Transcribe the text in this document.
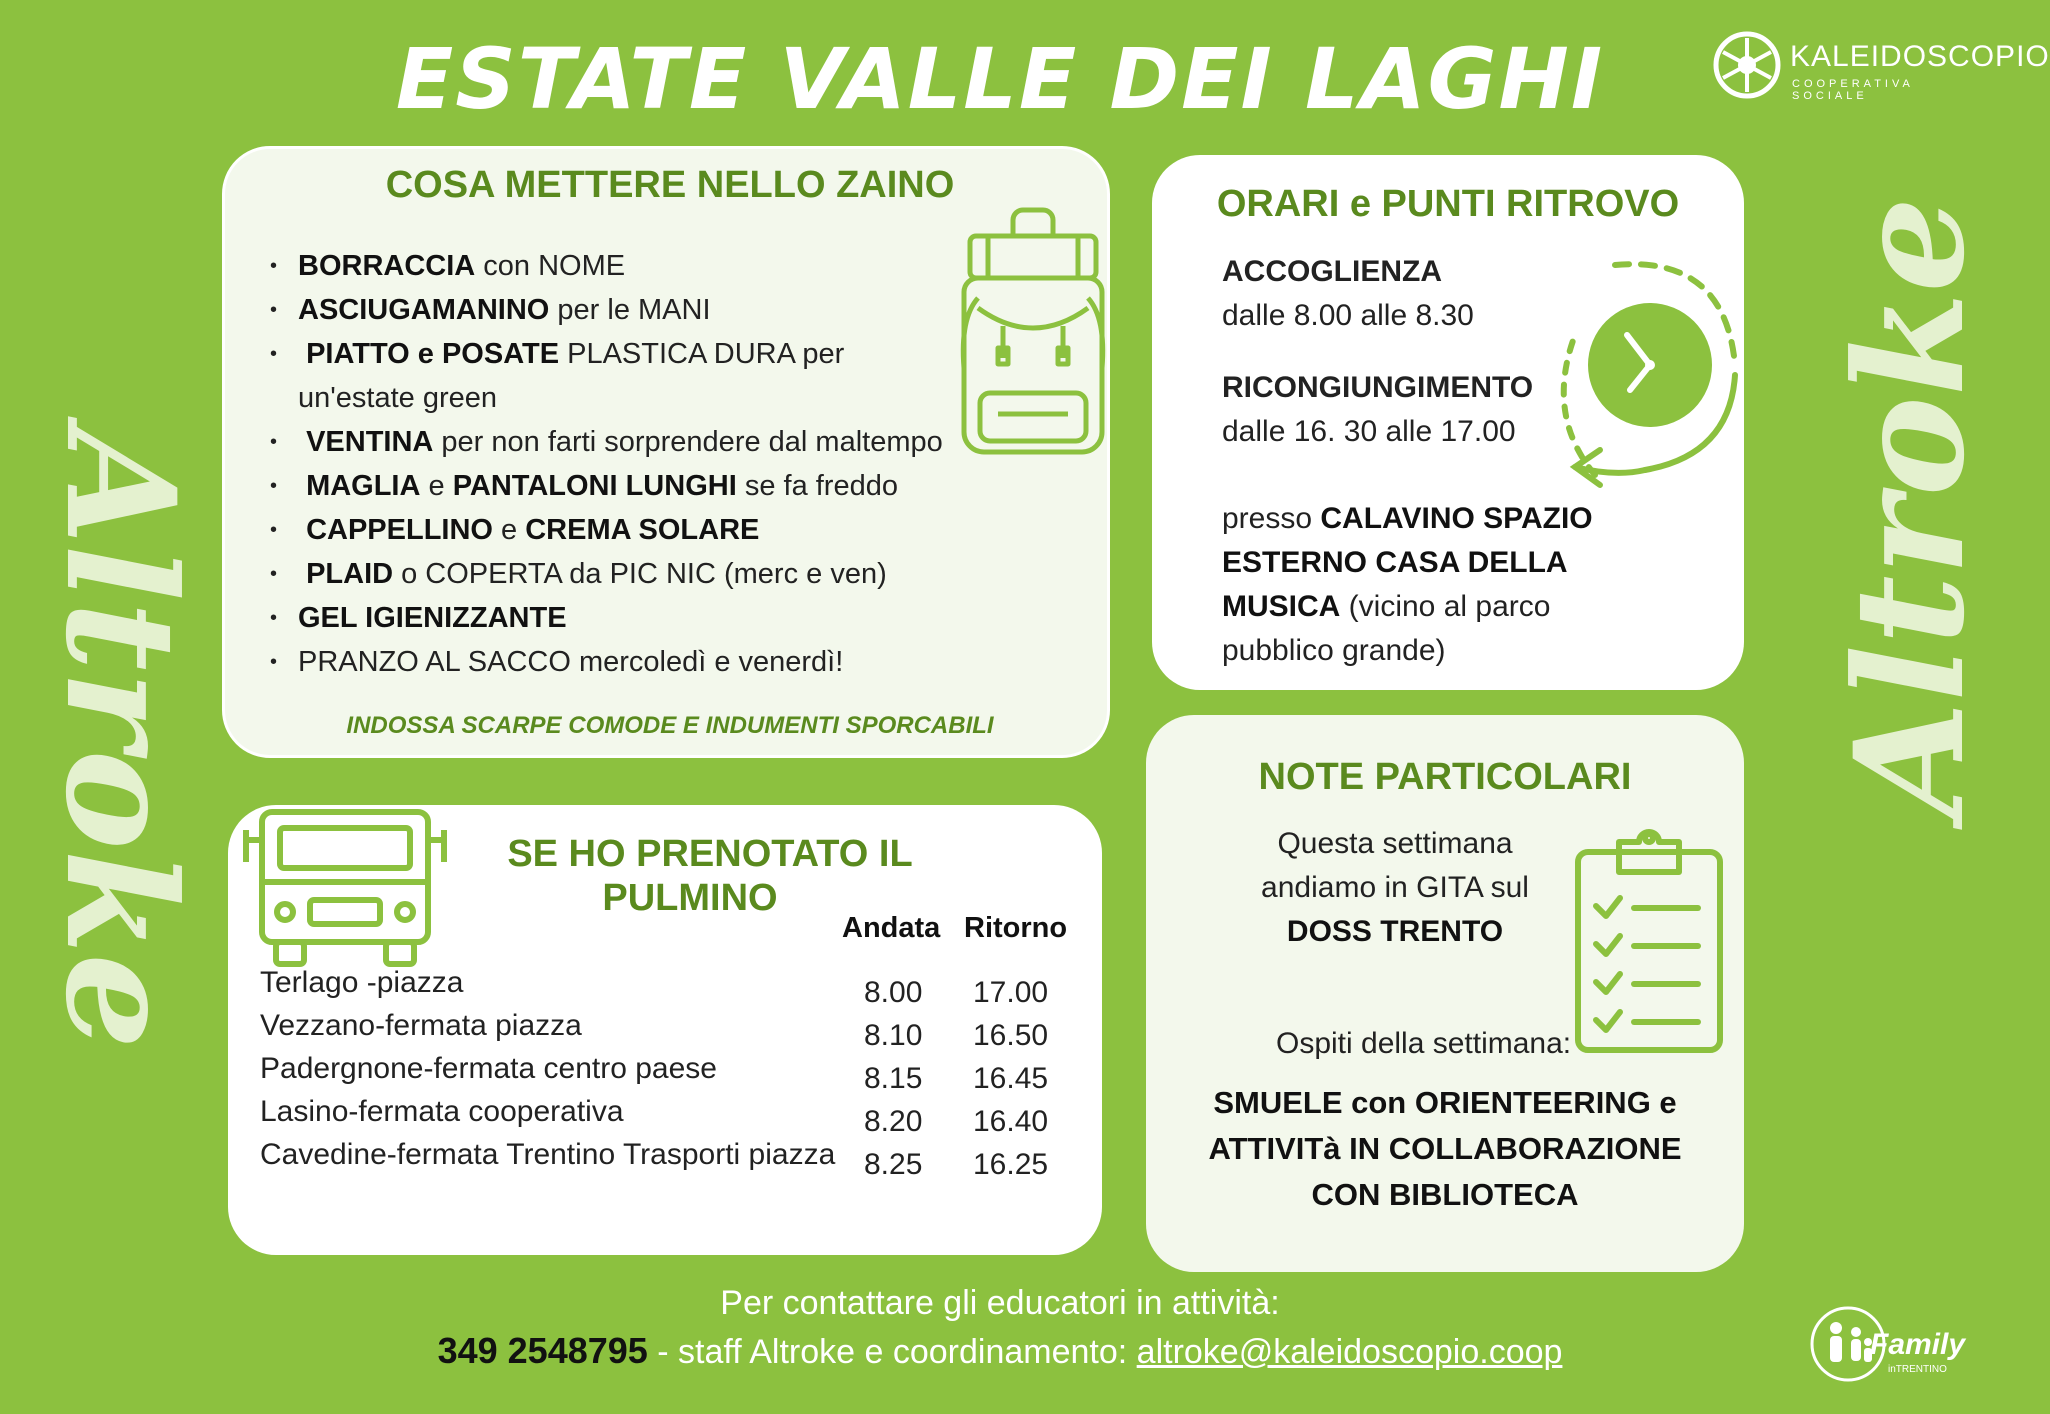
ESTATE VALLE DEI LAGHI	KALEIDOSCOPIO
COOPERATIVA SOCIALE
Altroke	Altroke
COSA METTERE NELLO ZAINO
• BORRACCIA con NOME
• ASCIUGAMANINO per le MANI
• PIATTO e POSATE PLASTICA DURA per un'estate green
• VENTINA per non farti sorprendere dal maltempo
• MAGLIA e PANTALONI LUNGHI se fa freddo
• CAPPELLINO e CREMA SOLARE
• PLAID o COPERTA da PIC NIC (merc e ven)
• GEL IGIENIZZANTE
• PRANZO AL SACCO mercoledì e venerdì!
INDOSSA SCARPE COMODE E INDUMENTI SPORCABILI
ORARI e PUNTI RITROVO
ACCOGLIENZA
dalle 8.00 alle 8.30
RICONGIUNGIMENTO
dalle 16. 30 alle 17.00
presso CALAVINO SPAZIO
ESTERNO CASA DELLA
MUSICA (vicino al parco
pubblico grande)
SE HO PRENOTATO IL
PULMINO
Andata Ritorno
Terlago -piazza	8.00 17.00
Vezzano-fermata piazza	8.10 16.50
Padergnone-fermata centro paese	8.15 16.45
Lasino-fermata cooperativa	8.20 16.40
Cavedine-fermata Trentino Trasporti piazza 8.25 16.25
NOTE PARTICOLARI
Questa settimana
andiamo in GITA sul
DOSS TRENTO
Ospiti della settimana:
SMUELE con ORIENTEERING e
ATTIVITà IN COLLABORAZIONE
CON BIBLIOTECA
Per contattare gli educatori in attività:
349 2548795 - staff Altroke e coordinamento: altroke@kaleidoscopio.coop	Family
inTRENTINO
